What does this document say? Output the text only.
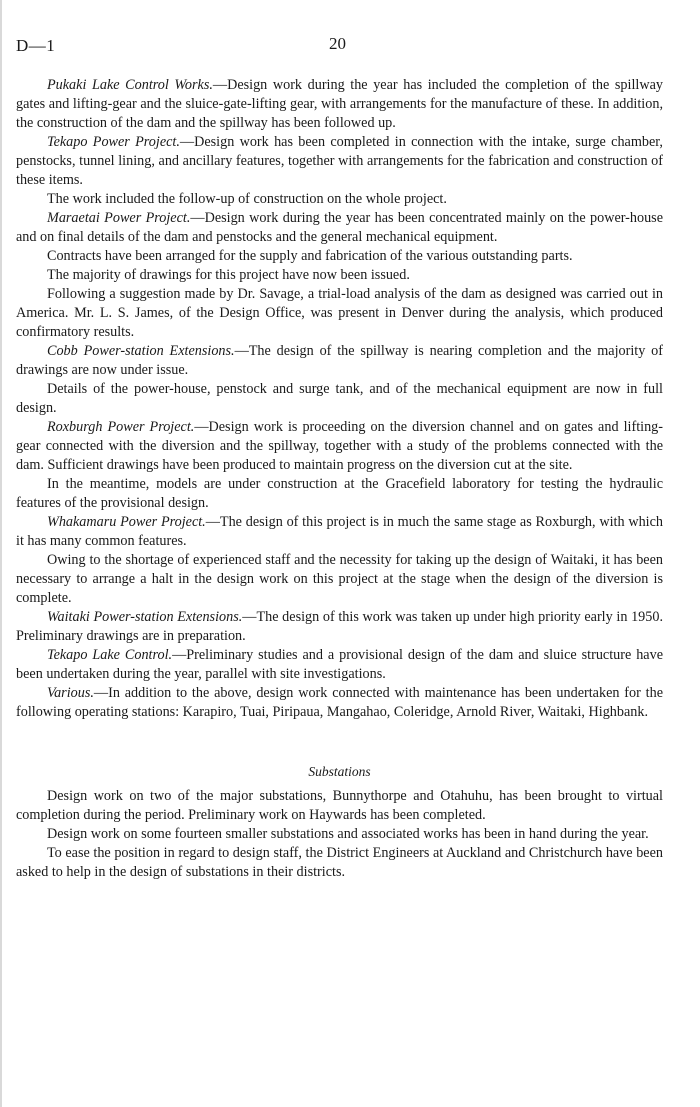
D—1	20

Pukaki Lake Control Works.—Design work during the year has included the completion of the spillway gates and lifting-gear and the sluice-gate-lifting gear, with arrangements for the manufacture of these. In addition, the construction of the dam and the spillway has been followed up.

Tekapo Power Project.—Design work has been completed in connection with the intake, surge chamber, penstocks, tunnel lining, and ancillary features, together with arrangements for the fabrication and construction of these items.

The work included the follow-up of construction on the whole project.

Maraetai Power Project.—Design work during the year has been concentrated mainly on the power-house and on final details of the dam and penstocks and the general mechanical equipment.

Contracts have been arranged for the supply and fabrication of the various outstanding parts.

The majority of drawings for this project have now been issued.

Following a suggestion made by Dr. Savage, a trial-load analysis of the dam as designed was carried out in America. Mr. L. S. James, of the Design Office, was present in Denver during the analysis, which produced confirmatory results.

Cobb Power-station Extensions.—The design of the spillway is nearing completion and the majority of drawings are now under issue.

Details of the power-house, penstock and surge tank, and of the mechanical equipment are now in full design.

Roxburgh Power Project.—Design work is proceeding on the diversion channel and on gates and lifting-gear connected with the diversion and the spillway, together with a study of the problems connected with the dam. Sufficient drawings have been produced to maintain progress on the diversion cut at the site.

In the meantime, models are under construction at the Gracefield laboratory for testing the hydraulic features of the provisional design.

Whakamaru Power Project.—The design of this project is in much the same stage as Roxburgh, with which it has many common features.

Owing to the shortage of experienced staff and the necessity for taking up the design of Waitaki, it has been necessary to arrange a halt in the design work on this project at the stage when the design of the diversion is complete.

Waitaki Power-station Extensions.—The design of this work was taken up under high priority early in 1950. Preliminary drawings are in preparation.

Tekapo Lake Control.—Preliminary studies and a provisional design of the dam and sluice structure have been undertaken during the year, parallel with site investigations.

Various.—In addition to the above, design work connected with maintenance has been undertaken for the following operating stations: Karapiro, Tuai, Piripaua, Mangahao, Coleridge, Arnold River, Waitaki, Highbank.

Substations

Design work on two of the major substations, Bunnythorpe and Otahuhu, has been brought to virtual completion during the period. Preliminary work on Haywards has been completed.

Design work on some fourteen smaller substations and associated works has been in hand during the year.

To ease the position in regard to design staff, the District Engineers at Auckland and Christchurch have been asked to help in the design of substations in their districts.
